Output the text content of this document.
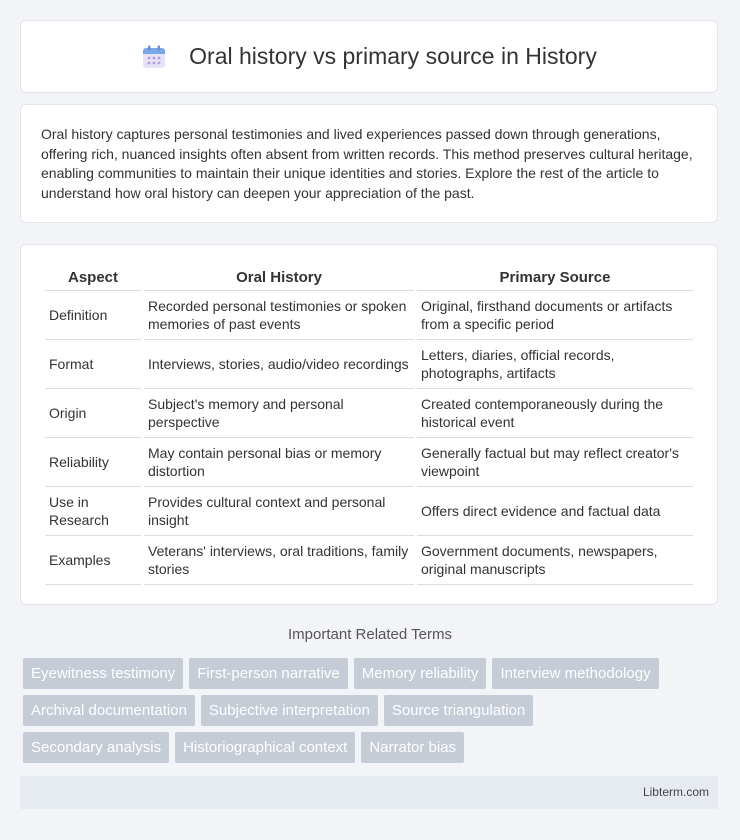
Oral history vs primary source in History

Oral history captures personal testimonies and lived experiences passed down through generations, offering rich, nuanced insights often absent from written records. This method preserves cultural heritage, enabling communities to maintain their unique identities and stories. Explore the rest of the article to understand how oral history can deepen your appreciation of the past.

Aspect	Oral History	Primary Source
Definition	Recorded personal testimonies or spoken memories of past events	Original, firsthand documents or artifacts from a specific period
Format	Interviews, stories, audio/video recordings	Letters, diaries, official records, photographs, artifacts
Origin	Subject's memory and personal perspective	Created contemporaneously during the historical event
Reliability	May contain personal bias or memory distortion	Generally factual but may reflect creator's viewpoint
Use in Research	Provides cultural context and personal insight	Offers direct evidence and factual data
Examples	Veterans' interviews, oral traditions, family stories	Government documents, newspapers, original manuscripts
Important Related Terms
Eyewitness testimony	First-person narrative	Memory reliability	Interview methodology
Archival documentation	Subjective interpretation	Source triangulation
Secondary analysis	Historiographical context	Narrator bias
Libterm.com
